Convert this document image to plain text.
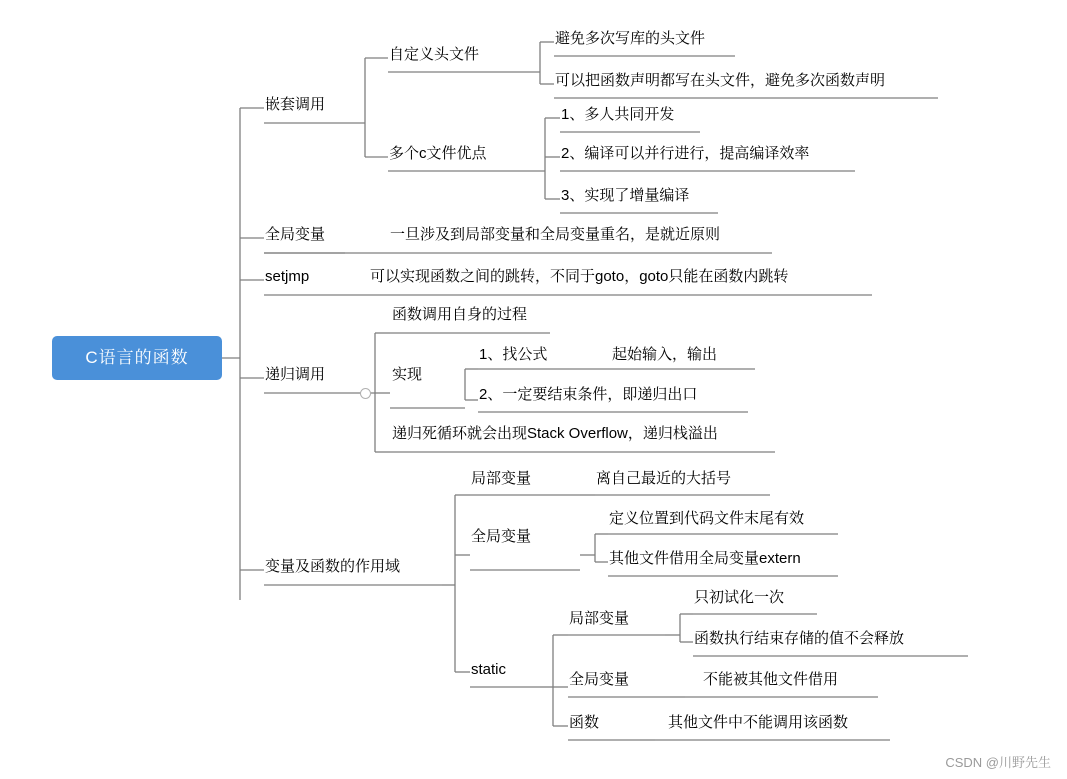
C语言的函数
嵌套调用
全局变量
setjmp
递归调用
变量及函数的作用域
自定义头文件
多个c文件优点
避免多次写库的头文件
可以把函数声明都写在头文件，避免多次函数声明
1、多人共同开发
2、编译可以并行进行，提高编译效率
3、实现了增量编译
一旦涉及到局部变量和全局变量重名，是就近原则
可以实现函数之间的跳转，不同于goto，goto只能在函数内跳转
函数调用自身的过程
实现
递归死循环就会出现Stack Overflow，递归栈溢出
1、找公式
2、一定要结束条件，即递归出口
起始输入，输出
局部变量
全局变量
static
离自己最近的大括号
定义位置到代码文件末尾有效
其他文件借用全局变量extern
局部变量
全局变量
函数
只初试化一次
函数执行结束存储的值不会释放
不能被其他文件借用
其他文件中不能调用该函数
CSDN @川野先生
